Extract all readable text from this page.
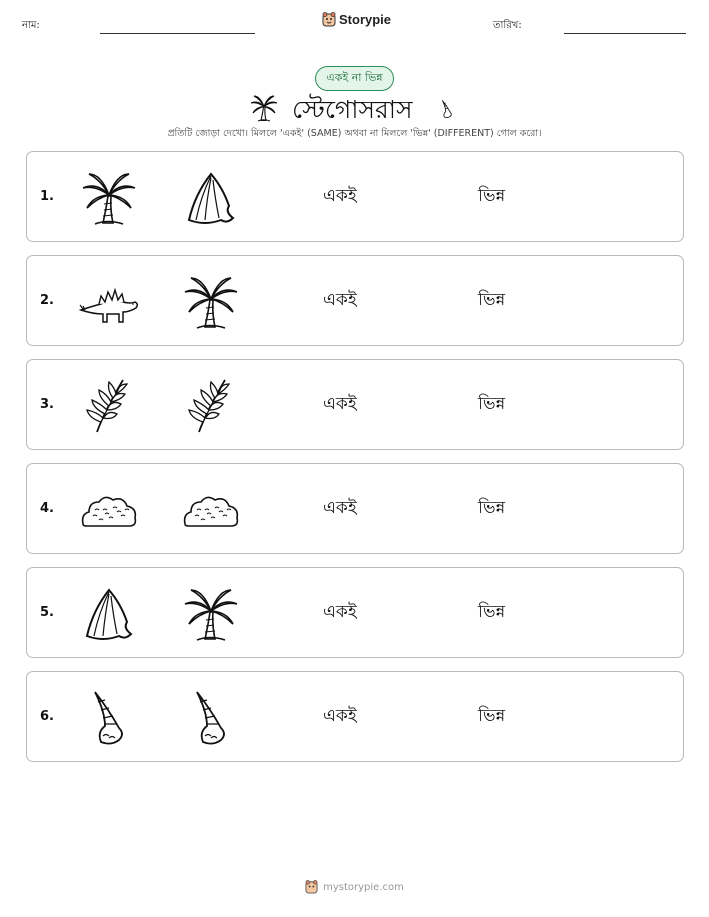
নাম:	Storypie	তারিখ:
একই না ভিন্ন
স্টেগোসরাস
প্রতিটি জোড়া দেখো। মিললে 'একই' (SAME) অথবা না মিললে 'ভিন্ন' (DIFFERENT) গোল করো।
1.	একই	ভিন্ন
2.	একই	ভিন্ন
3.	একই	ভিন্ন
4.	একই	ভিন্ন
5.	একই	ভিন্ন
6.	একই	ভিন্ন
mystorypie.com
